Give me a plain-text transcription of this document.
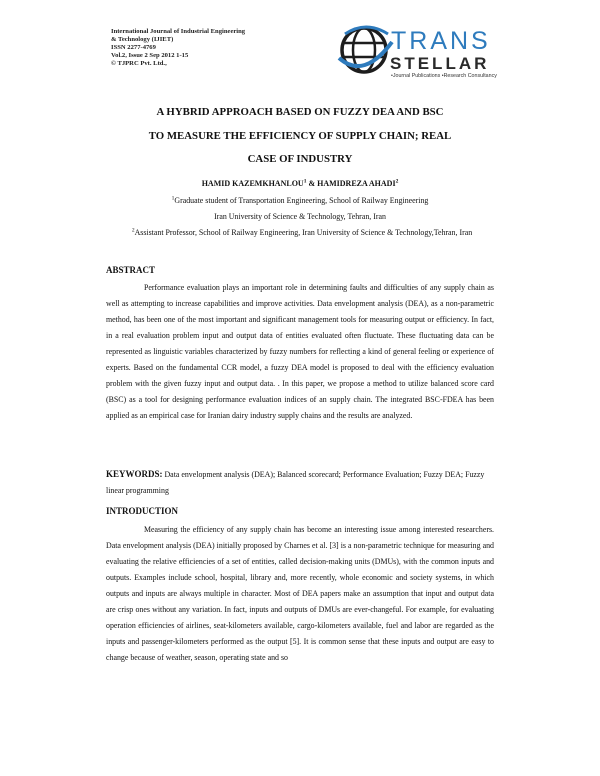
International Journal of Industrial Engineering
& Technology (IJIET)
ISSN 2277-4769
Vol.2, Issue 2 Sep 2012 1-15
© TJPRC Pvt. Ltd.,
TRANS
STELLAR
•Journal Publications •Research Consultancy
A HYBRID APPROACH BASED ON FUZZY DEA AND BSC
TO MEASURE THE EFFICIENCY OF SUPPLY CHAIN; REAL
CASE OF INDUSTRY
HAMID KAZEMKHANLOU$^1$ & HAMIDREZA AHADI$^2$
$^1$Graduate student of Transportation Engineering, School of Railway Engineering
Iran University of Science & Technology, Tehran, Iran
$^2$Assistant Professor, School of Railway Engineering, Iran University of Science & Technology,Tehran, Iran
ABSTRACT

Performance evaluation plays an important role in determining faults and difficulties of any supply chain as well as attempting to increase capabilities and improve activities. Data envelopment analysis (DEA), as a non-parametric method, has been one of the most important and significant management tools for measuring output or efficiency. In fact, in a real evaluation problem input and output data of entities evaluated often fluctuate. These fluctuating data can be represented as linguistic variables characterized by fuzzy numbers for reflecting a kind of general feeling or experience of experts. Based on the fundamental CCR model, a fuzzy DEA model is proposed to deal with the efficiency evaluation problem with the given fuzzy input and output data. . In this paper, we propose a method to utilize balanced score card (BSC) as a tool for designing performance evaluation indices of an supply chain. The integrated BSC-FDEA has been applied as an empirical case for Iranian dairy industry supply chains and the results are analyzed.

KEYWORDS: Data envelopment analysis (DEA); Balanced scorecard; Performance Evaluation; Fuzzy DEA; Fuzzy linear programming
INTRODUCTION

Measuring the efficiency of any supply chain has become an interesting issue among interested researchers. Data envelopment analysis (DEA) initially proposed by Charnes et al. [3] is a non-parametric technique for measuring and evaluating the relative efficiencies of a set of entities, called decision-making units (DMUs), with the common inputs and outputs. Examples include school, hospital, library and, more recently, whole economic and society systems, in which outputs and inputs are always multiple in character. Most of DEA papers make an assumption that input and output data are crisp ones without any variation. In fact, inputs and outputs of DMUs are ever-changeful. For example, for evaluating operation efficiencies of airlines, seat-kilometers available, cargo-kilometers available, fuel and labor are regarded as the inputs and passenger-kilometers performed as the output [5]. It is common sense that these inputs and output are easy to change because of weather, season, operating state and so
